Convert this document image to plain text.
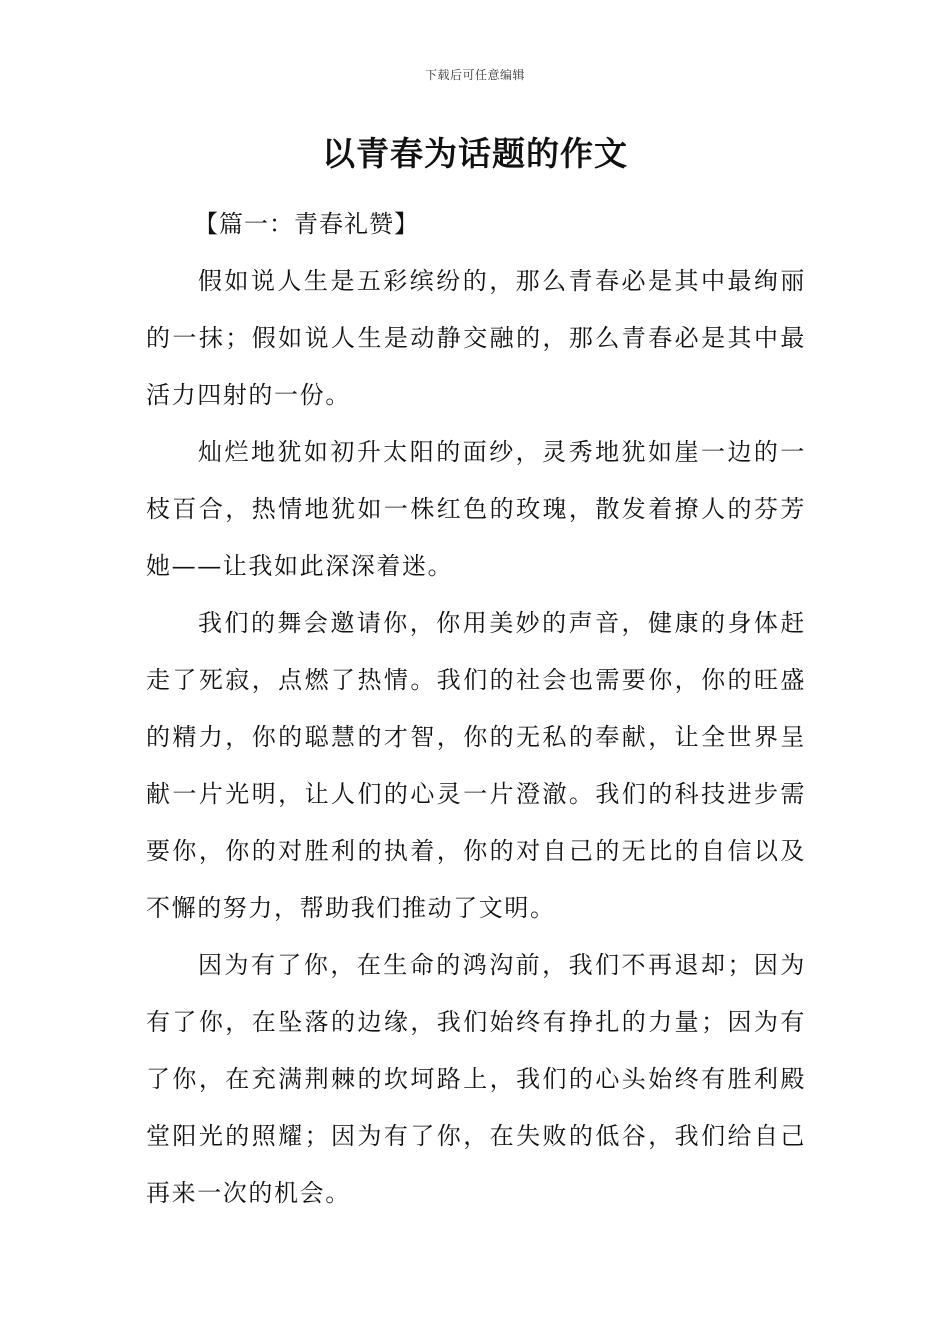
下载后可任意编辑
以青春为话题的作文

【篇一：青春礼赞】

假如说人生是五彩缤纷的，那么青春必是其中最绚丽的一抹；假如说人生是动静交融的，那么青春必是其中最活力四射的一份。

灿烂地犹如初升太阳的面纱，灵秀地犹如崖一边的一枝百合，热情地犹如一株红色的玫瑰，散发着撩人的芬芳她——让我如此深深着迷。

我们的舞会邀请你，你用美妙的声音，健康的身体赶走了死寂，点燃了热情。我们的社会也需要你，你的旺盛的精力，你的聪慧的才智，你的无私的奉献，让全世界呈献一片光明，让人们的心灵一片澄澈。我们的科技进步需要你，你的对胜利的执着，你的对自己的无比的自信以及不懈的努力，帮助我们推动了文明。

因为有了你，在生命的鸿沟前，我们不再退却；因为有了你，在坠落的边缘，我们始终有挣扎的力量；因为有了你，在充满荆棘的坎坷路上，我们的心头始终有胜利殿堂阳光的照耀；因为有了你，在失败的低谷，我们给自己再来一次的机会。
